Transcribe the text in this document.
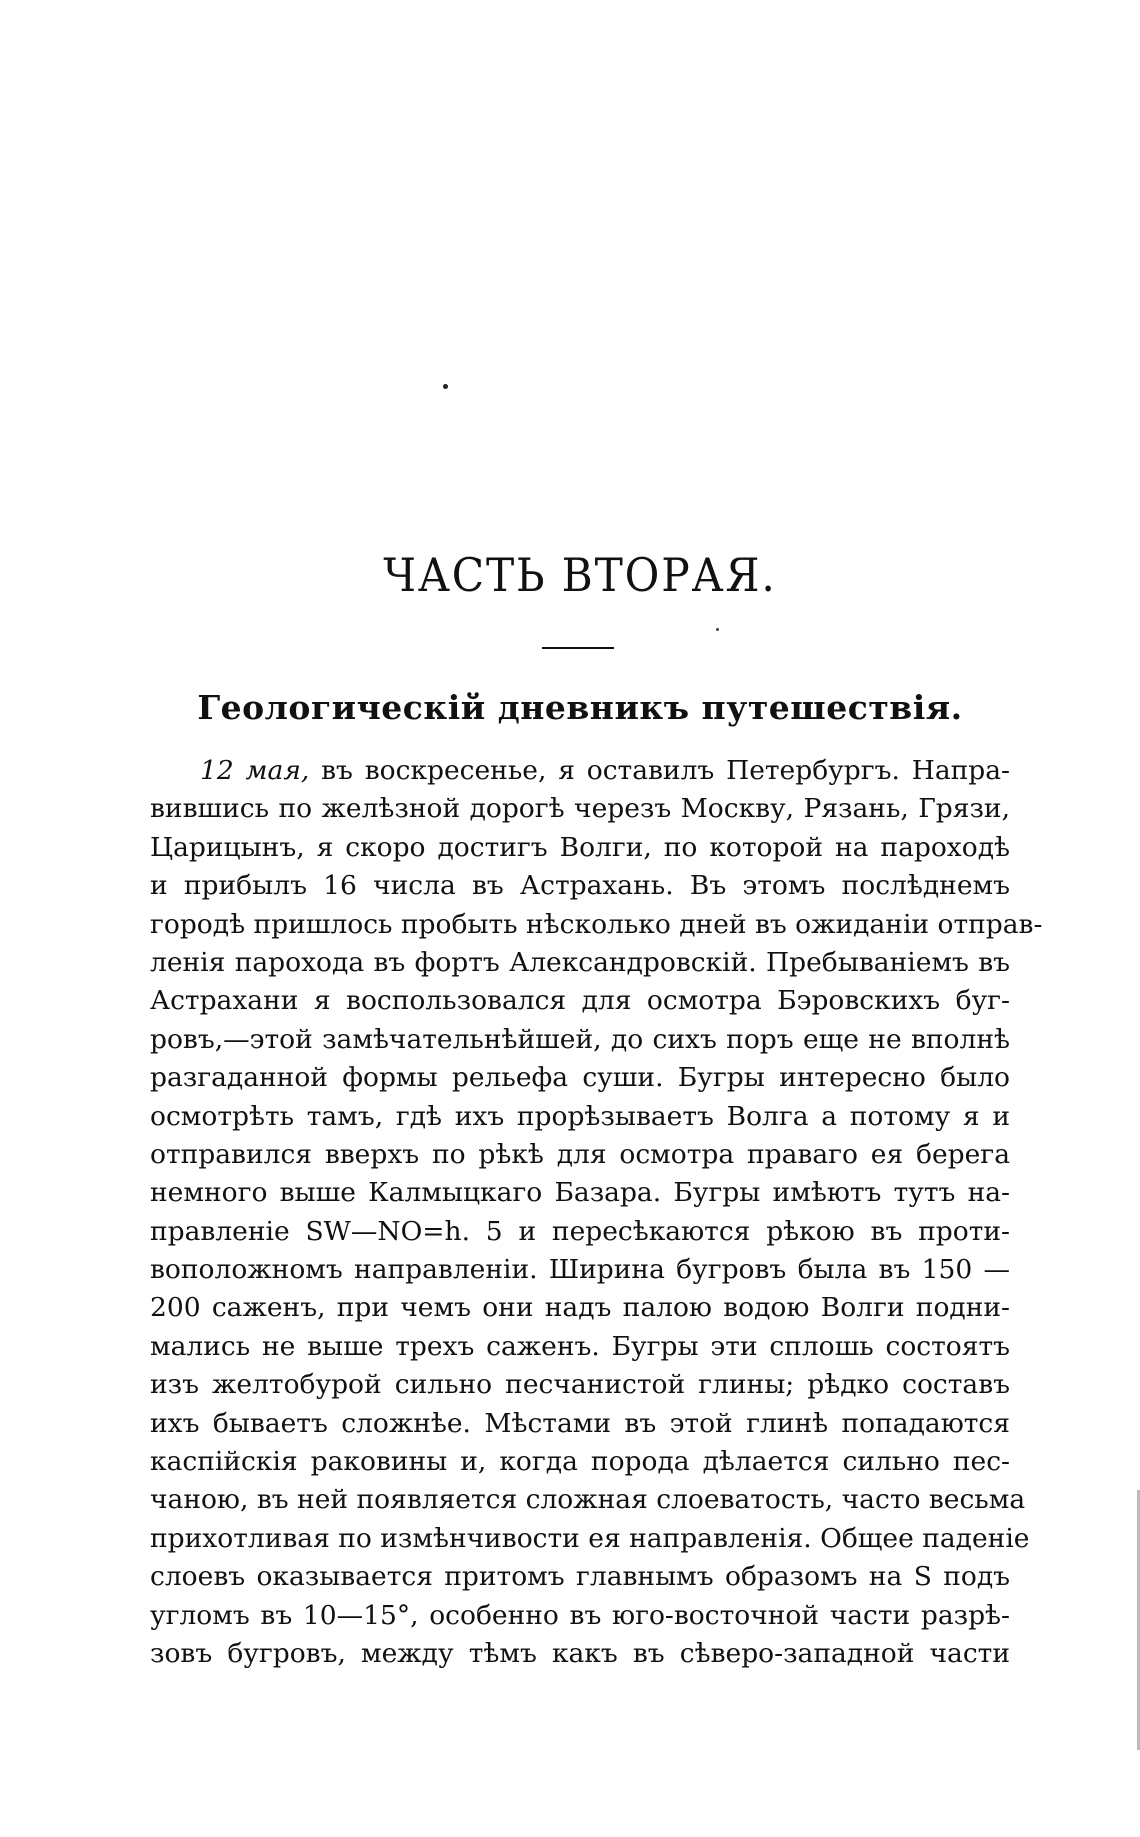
ЧАСТЬ ВТОРАЯ.
Геологическій дневникъ путешествія.
12 мая, въ воскресенье, я оставилъ Петербургъ. Напра-
вившись по желѣзной дорогѣ черезъ Москву, Рязань, Грязи,
Царицынъ, я скоро достигъ Волги, по которой на пароходѣ
и прибылъ 16 числа въ Астрахань. Въ этомъ послѣднемъ
городѣ пришлось пробыть нѣсколько дней въ ожиданіи отправ-
ленія парохода въ фортъ Александровскій. Пребываніемъ въ
Астрахани я воспользовался для осмотра Бэровскихъ буг-
ровъ,—этой замѣчательнѣйшей, до сихъ поръ еще не вполнѣ
разгаданной формы рельефа суши. Бугры интересно было
осмотрѣть тамъ, гдѣ ихъ прорѣзываетъ Волга а потому я и
отправился вверхъ по рѣкѣ для осмотра праваго ея берега
немного выше Калмыцкаго Базара. Бугры имѣютъ тутъ на-
правленіе SW—NO=h. 5 и пересѣкаются рѣкою въ проти-
воположномъ направленіи. Ширина бугровъ была въ 150 —
200 саженъ, при чемъ они надъ палою водою Волги подни-
мались не выше трехъ саженъ. Бугры эти сплошь состоятъ
изъ желтобурой сильно песчанистой глины; рѣдко составъ
ихъ бываетъ сложнѣе. Мѣстами въ этой глинѣ попадаются
каспійскія раковины и, когда порода дѣлается сильно пес-
чаною, въ ней появляется сложная слоеватость, часто весьма
прихотливая по измѣнчивости ея направленія. Общее паденіе
слоевъ оказывается притомъ главнымъ образомъ на S подъ
угломъ въ 10—15°, особенно въ юго-восточной части разрѣ-
зовъ бугровъ, между тѣмъ какъ въ сѣверо-западной части
